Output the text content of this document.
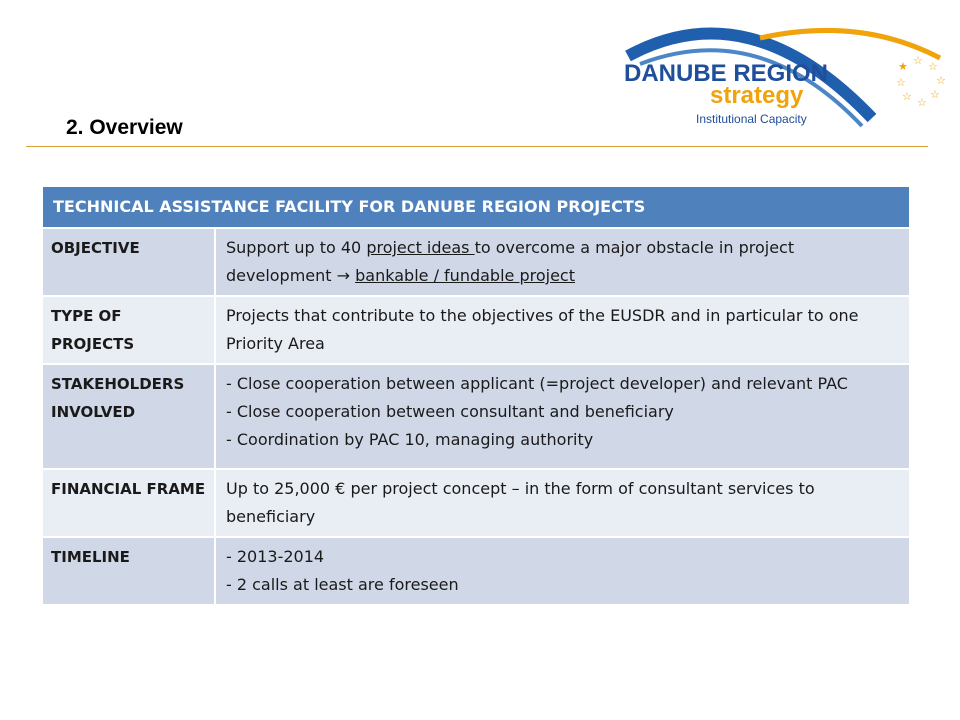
★ ☆ ☆
☆
☆
☆
☆
☆
DANUBE REGION
strategy
Institutional Capacity
2. Overview
TECHNICAL ASSISTANCE FACILITY FOR DANUBE REGION PROJECTS	
OBJECTIVE	Support up to 40 project ideas to overcome a major obstacle in project development → bankable / fundable project
TYPE OF PROJECTS	Projects that contribute to the objectives of the EUSDR and in particular to one Priority Area
STAKEHOLDERS INVOLVED	- Close cooperation between applicant (=project developer) and relevant PAC
- Close cooperation between consultant and beneficiary
- Coordination by PAC 10, managing authority

FINANCIAL FRAME	Up to 25,000 € per project concept – in the form of consultant services to beneficiary
TIMELINE	- 2013-2014
- 2 calls at least are foreseen
